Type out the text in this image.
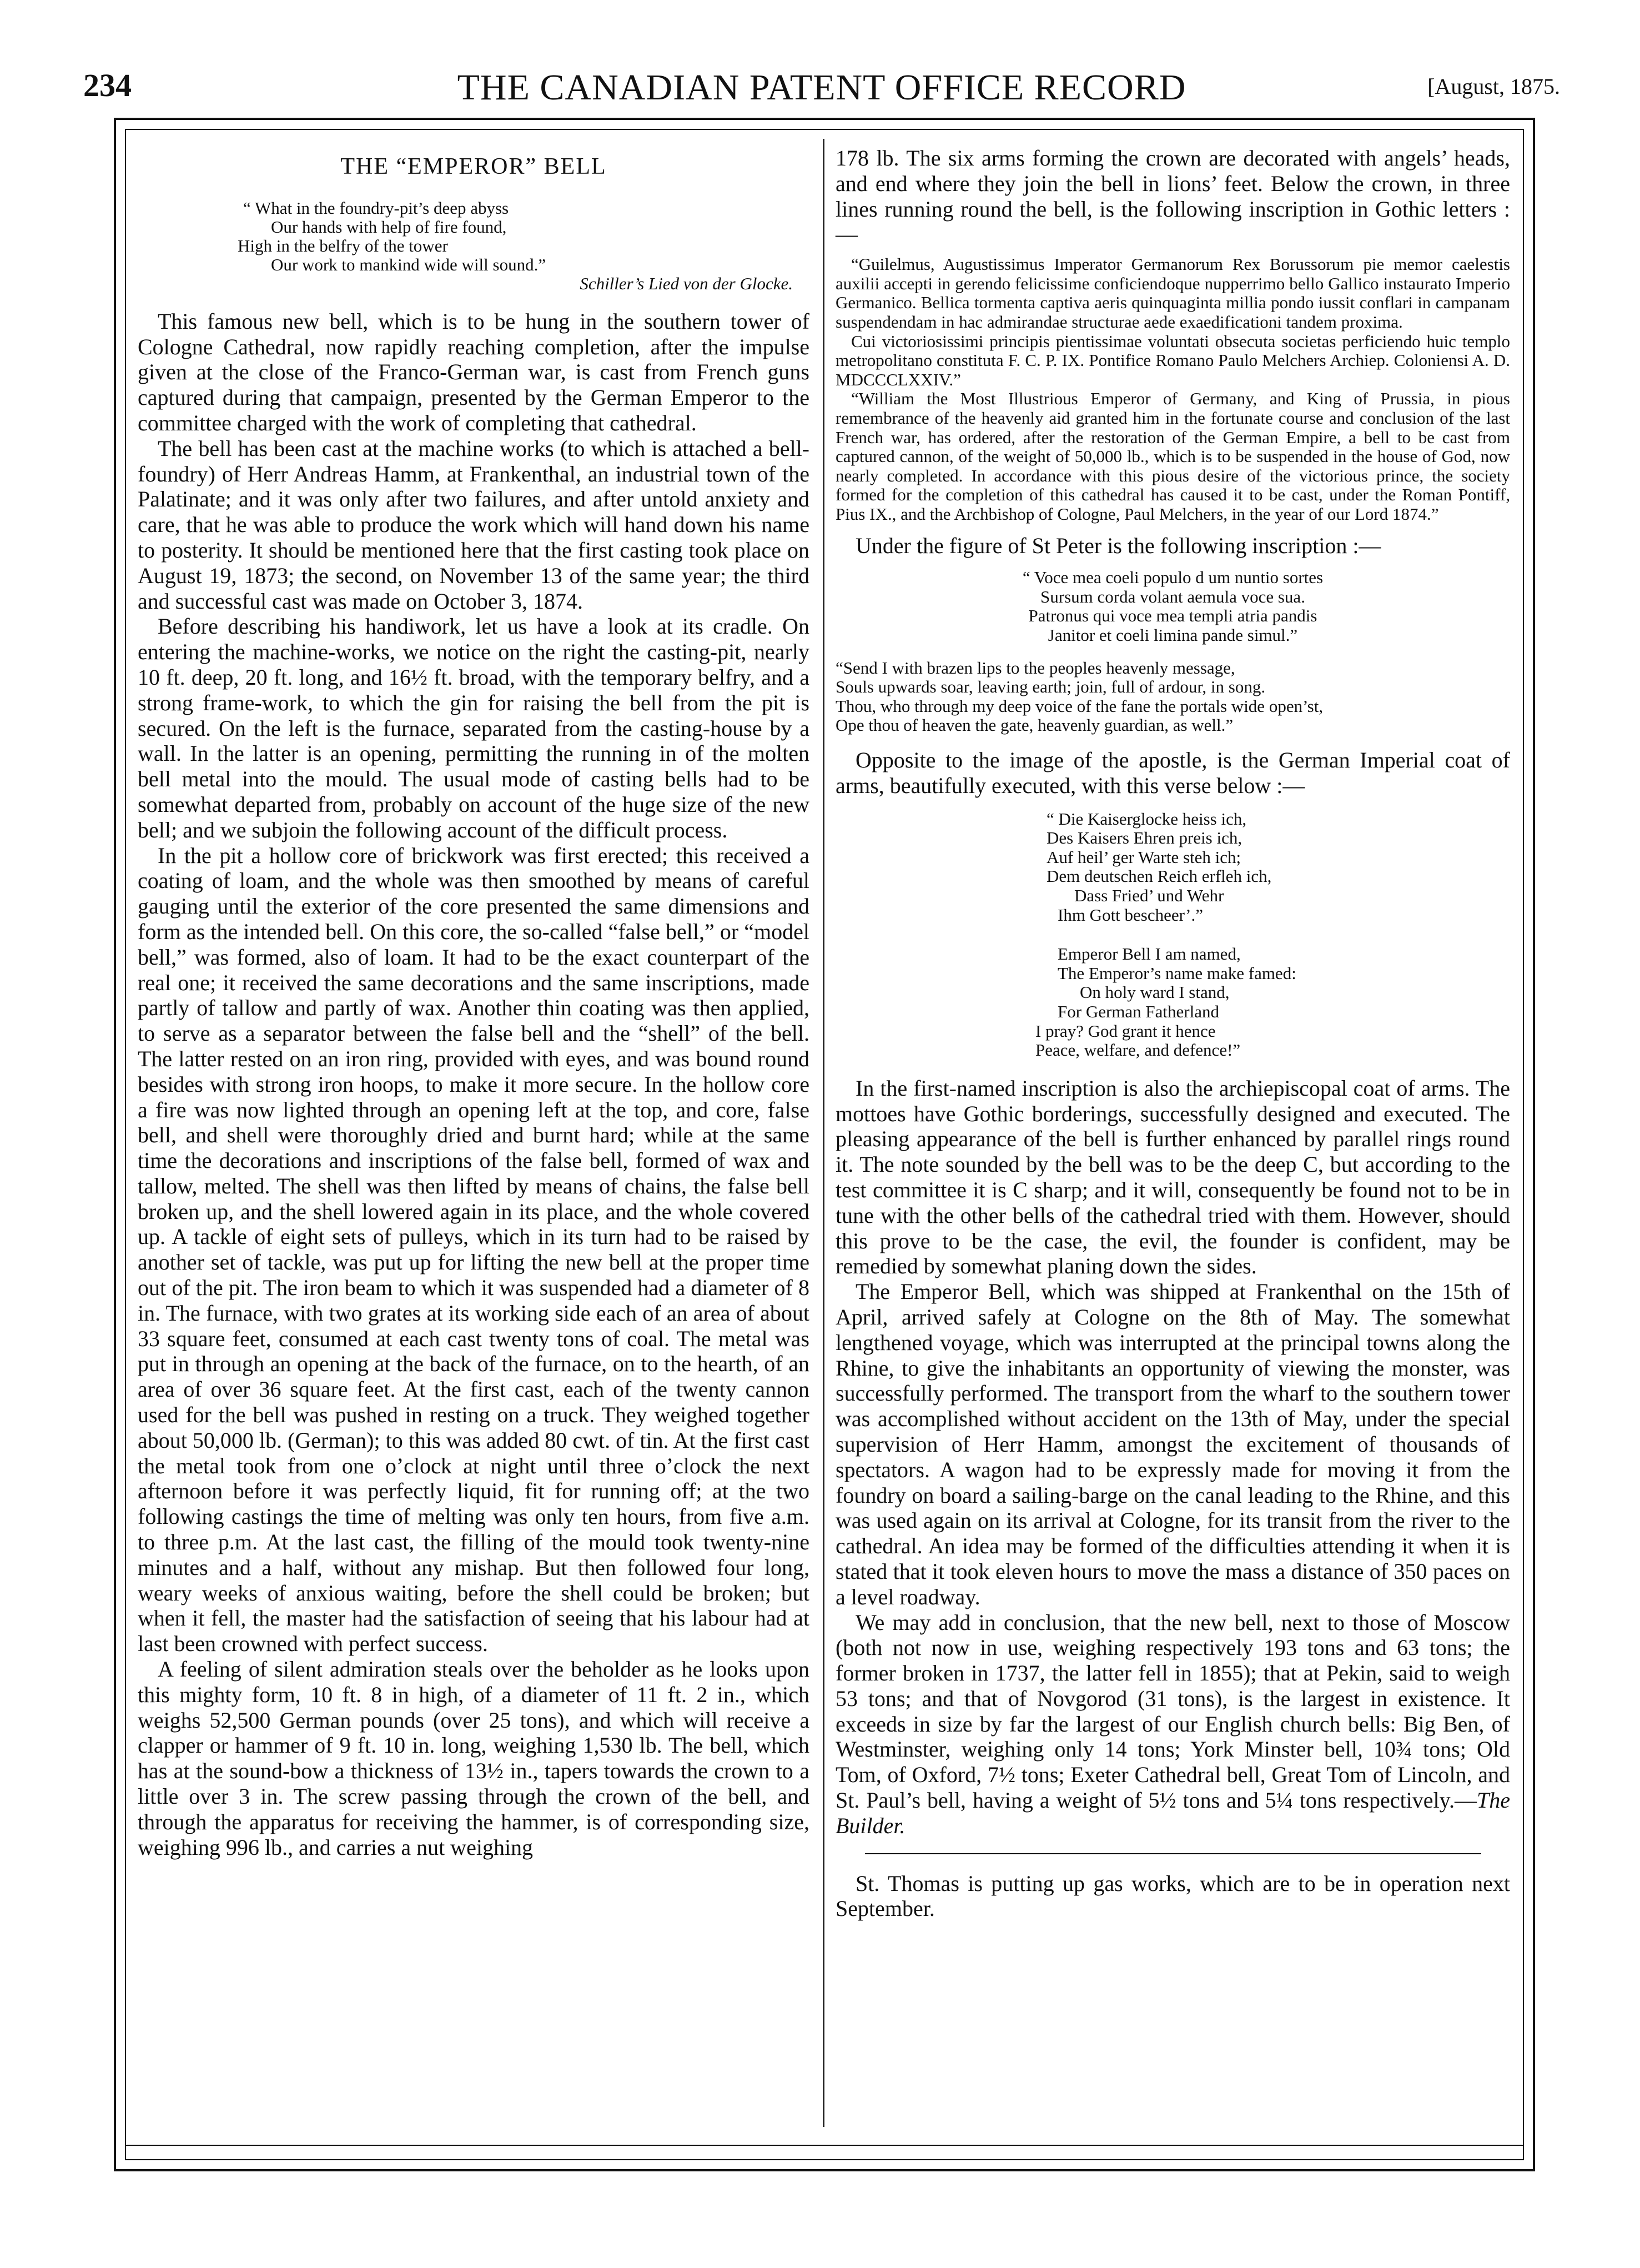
234	THE CANADIAN PATENT OFFICE RECORD	[August, 1875.
THE “EMPEROR” BELL
“ What in the foundry-pit’s deep abyss
Our hands with help of fire found,
High in the belfry of the tower
Our work to mankind wide will sound.”
Schiller’s Lied von der Glocke.

This famous new bell, which is to be hung in the southern tower of Cologne Cathedral, now rapidly reaching completion, after the impulse given at the close of the Franco-German war, is cast from French guns captured during that campaign, presented by the German Emperor to the committee charged with the work of completing that cathedral.

The bell has been cast at the machine works (to which is attached a bell-foundry) of Herr Andreas Hamm, at Frankenthal, an industrial town of the Palatinate; and it was only after two failures, and after untold anxiety and care, that he was able to produce the work which will hand down his name to posterity. It should be mentioned here that the first casting took place on August 19, 1873; the second, on November 13 of the same year; the third and successful cast was made on October 3, 1874.

Before describing his handiwork, let us have a look at its cradle. On entering the machine-works, we notice on the right the casting-pit, nearly 10 ft. deep, 20 ft. long, and 16½ ft. broad, with the temporary belfry, and a strong frame-work, to which the gin for raising the bell from the pit is secured. On the left is the furnace, separated from the casting-house by a wall. In the latter is an opening, permitting the running in of the molten bell metal into the mould. The usual mode of casting bells had to be somewhat departed from, probably on account of the huge size of the new bell; and we subjoin the following account of the difficult process.

In the pit a hollow core of brickwork was first erected; this received a coating of loam, and the whole was then smoothed by means of careful gauging until the exterior of the core presented the same dimensions and form as the intended bell. On this core, the so-called “false bell,” or “model bell,” was formed, also of loam. It had to be the exact counterpart of the real one; it received the same decorations and the same inscriptions, made partly of tallow and partly of wax. Another thin coating was then applied, to serve as a separator between the false bell and the “shell” of the bell. The latter rested on an iron ring, provided with eyes, and was bound round besides with strong iron hoops, to make it more secure. In the hollow core a fire was now lighted through an opening left at the top, and core, false bell, and shell were thoroughly dried and burnt hard; while at the same time the decorations and inscriptions of the false bell, formed of wax and tallow, melted. The shell was then lifted by means of chains, the false bell broken up, and the shell lowered again in its place, and the whole covered up. A tackle of eight sets of pulleys, which in its turn had to be raised by another set of tackle, was put up for lifting the new bell at the proper time out of the pit. The iron beam to which it was suspended had a diameter of 8 in. The furnace, with two grates at its working side each of an area of about 33 square feet, consumed at each cast twenty tons of coal. The metal was put in through an opening at the back of the furnace, on to the hearth, of an area of over 36 square feet. At the first cast, each of the twenty cannon used for the bell was pushed in resting on a truck. They weighed together about 50,000 lb. (German); to this was added 80 cwt. of tin. At the first cast the metal took from one o’clock at night until three o’clock the next afternoon before it was perfectly liquid, fit for running off; at the two following castings the time of melting was only ten hours, from five a.m. to three p.m. At the last cast, the filling of the mould took twenty-nine minutes and a half, without any mishap. But then followed four long, weary weeks of anxious waiting, before the shell could be broken; but when it fell, the master had the satisfaction of seeing that his labour had at last been crowned with perfect success.

A feeling of silent admiration steals over the beholder as he looks upon this mighty form, 10 ft. 8 in high, of a diameter of 11 ft. 2 in., which weighs 52,500 German pounds (over 25 tons), and which will receive a clapper or hammer of 9 ft. 10 in. long, weighing 1,530 lb. The bell, which has at the sound-bow a thickness of 13½ in., tapers towards the crown to a little over 3 in. The screw passing through the crown of the bell, and through the apparatus for receiving the hammer, is of corresponding size, weighing 996 lb., and carries a nut weighing

178 lb. The six arms forming the crown are decorated with angels’ heads, and end where they join the bell in lions’ feet. Below the crown, in three lines running round the bell, is the following inscription in Gothic letters :—

“Guilelmus, Augustissimus Imperator Germanorum Rex Borussorum pie memor caelestis auxilii accepti in gerendo felicissime conficiendoque nupperrimo bello Gallico instaurato Imperio Germanico. Bellica tormenta captiva aeris quinquaginta millia pondo iussit conflari in campanam suspendendam in hac admirandae structurae aede exaedificationi tandem proxima.

Cui victoriosissimi principis pientissimae voluntati obsecuta societas perficiendo huic templo metropolitano constituta F. C. P. IX. Pontifice Romano Paulo Melchers Archiep. Coloniensi A. D. MDCCCLXXIV.”

“William the Most Illustrious Emperor of Germany, and King of Prussia, in pious remembrance of the heavenly aid granted him in the fortunate course and conclusion of the last French war, has ordered, after the restoration of the German Empire, a bell to be cast from captured cannon, of the weight of 50,000 lb., which is to be suspended in the house of God, now nearly completed. In accordance with this pious desire of the victorious prince, the society formed for the completion of this cathedral has caused it to be cast, under the Roman Pontiff, Pius IX., and the Archbishop of Cologne, Paul Melchers, in the year of our Lord 1874.”

Under the figure of St Peter is the following inscription :—

“ Voce mea coeli populo d um nuntio sortes
Sursum corda volant aemula voce sua.
Patronus qui voce mea templi atria pandis
Janitor et coeli limina pande simul.”
“Send I with brazen lips to the peoples heavenly message,
Souls upwards soar, leaving earth; join, full of ardour, in song.
Thou, who through my deep voice of the fane the portals wide open’st,
Ope thou of heaven the gate, heavenly guardian, as well.”

Opposite to the image of the apostle, is the German Imperial coat of arms, beautifully executed, with this verse below :—

“ Die Kaiserglocke heiss ich,
Des Kaisers Ehren preis ich,
Auf heil’ ger Warte steh ich;
Dem deutschen Reich erfleh ich,
Dass Fried’ und Wehr
Ihm Gott bescheer’.”
Emperor Bell I am named,
The Emperor’s name make famed:
On holy ward I stand,
For German Fatherland
I pray? God grant it hence
Peace, welfare, and defence!”

In the first-named inscription is also the archiepiscopal coat of arms. The mottoes have Gothic borderings, successfully designed and executed. The pleasing appearance of the bell is further enhanced by parallel rings round it. The note sounded by the bell was to be the deep C, but according to the test committee it is C sharp; and it will, consequently be found not to be in tune with the other bells of the cathedral tried with them. However, should this prove to be the case, the evil, the founder is confident, may be remedied by somewhat planing down the sides.

The Emperor Bell, which was shipped at Frankenthal on the 15th of April, arrived safely at Cologne on the 8th of May. The somewhat lengthened voyage, which was interrupted at the principal towns along the Rhine, to give the inhabitants an opportunity of viewing the monster, was successfully performed. The transport from the wharf to the southern tower was accomplished without accident on the 13th of May, under the special supervision of Herr Hamm, amongst the excitement of thousands of spectators. A wagon had to be expressly made for moving it from the foundry on board a sailing-barge on the canal leading to the Rhine, and this was used again on its arrival at Cologne, for its transit from the river to the cathedral. An idea may be formed of the difficulties attending it when it is stated that it took eleven hours to move the mass a distance of 350 paces on a level roadway.

We may add in conclusion, that the new bell, next to those of Moscow (both not now in use, weighing respectively 193 tons and 63 tons; the former broken in 1737, the latter fell in 1855); that at Pekin, said to weigh 53 tons; and that of Novgorod (31 tons), is the largest in existence. It exceeds in size by far the largest of our English church bells: Big Ben, of Westminster, weighing only 14 tons; York Minster bell, 10¾ tons; Old Tom, of Oxford, 7½ tons; Exeter Cathedral bell, Great Tom of Lincoln, and St. Paul’s bell, having a weight of 5½ tons and 5¼ tons respectively.—The Builder.

St. Thomas is putting up gas works, which are to be in operation next September.
